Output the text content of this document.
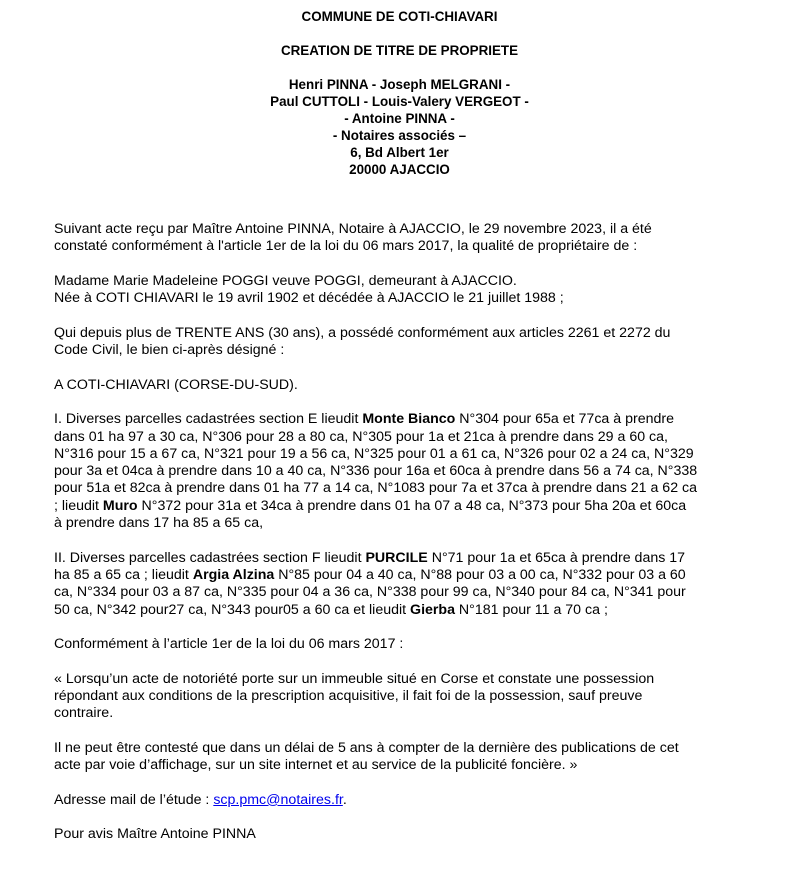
COMMUNE DE COTI-CHIAVARI
CREATION DE TITRE DE PROPRIETE
Henri PINNA - Joseph MELGRANI -
Paul CUTTOLI - Louis-Valery VERGEOT -
- Antoine PINNA -
- Notaires associés –
6, Bd Albert 1er
20000 AJACCIO

Suivant acte reçu par Maître Antoine PINNA, Notaire à AJACCIO, le 29 novembre 2023, il a été
constaté conformément à l'article 1er de la loi du 06 mars 2017, la qualité de propriétaire de :

Madame Marie Madeleine POGGI veuve POGGI, demeurant à AJACCIO.
Née à COTI CHIAVARI le 19 avril 1902 et décédée à AJACCIO le 21 juillet 1988 ;

Qui depuis plus de TRENTE ANS (30 ans), a possédé conformément aux articles 2261 et 2272 du
Code Civil, le bien ci-après désigné :

A COTI-CHIAVARI (CORSE-DU-SUD).

I. Diverses parcelles cadastrées section E lieudit Monte Bianco N°304 pour 65a et 77ca à prendre
dans 01 ha 97 a 30 ca, N°306 pour 28 a 80 ca, N°305 pour 1a et 21ca à prendre dans 29 a 60 ca,
N°316 pour 15 a 67 ca, N°321 pour 19 a 56 ca, N°325 pour 01 a 61 ca, N°326 pour 02 a 24 ca, N°329
pour 3a et 04ca à prendre dans 10 a 40 ca, N°336 pour 16a et 60ca à prendre dans 56 a 74 ca, N°338
pour 51a et 82ca à prendre dans 01 ha 77 a 14 ca, N°1083 pour 7a et 37ca à prendre dans 21 a 62 ca
; lieudit Muro N°372 pour 31a et 34ca à prendre dans 01 ha 07 a 48 ca, N°373 pour 5ha 20a et 60ca
à prendre dans 17 ha 85 a 65 ca,

II. Diverses parcelles cadastrées section F lieudit PURCILE N°71 pour 1a et 65ca à prendre dans 17
ha 85 a 65 ca ; lieudit Argia Alzina N°85 pour 04 a 40 ca, N°88 pour 03 a 00 ca, N°332 pour 03 a 60
ca, N°334 pour 03 a 87 ca, N°335 pour 04 a 36 ca, N°338 pour 99 ca, N°340 pour 84 ca, N°341 pour
50 ca, N°342 pour27 ca, N°343 pour05 a 60 ca et lieudit Gierba N°181 pour 11 a 70 ca ;

Conformément à l’article 1er de la loi du 06 mars 2017 :

« Lorsqu’un acte de notoriété porte sur un immeuble situé en Corse et constate une possession
répondant aux conditions de la prescription acquisitive, il fait foi de la possession, sauf preuve
contraire.

Il ne peut être contesté que dans un délai de 5 ans à compter de la dernière des publications de cet
acte par voie d’affichage, sur un site internet et au service de la publicité foncière. »

Adresse mail de l’étude : scp.pmc@notaires.fr.

Pour avis Maître Antoine PINNA
